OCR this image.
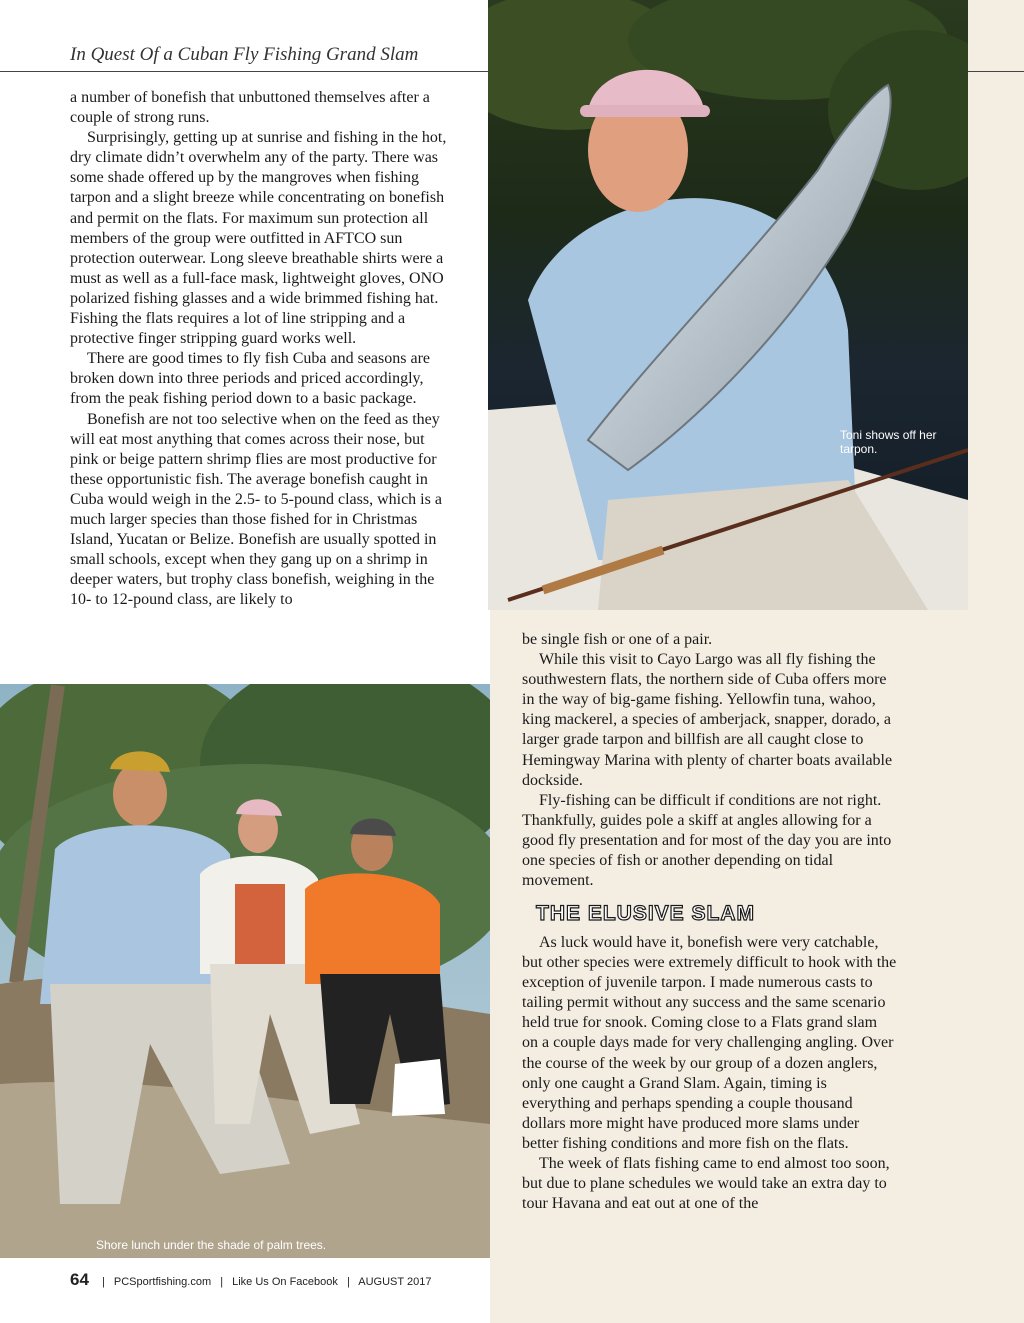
In Quest Of a Cuban Fly Fishing Grand Slam
Toni shows off her tarpon.

a number of bonefish that unbuttoned themselves after a couple of strong runs.

Surprisingly, getting up at sunrise and fishing in the hot, dry climate didn’t overwhelm any of the party. There was some shade offered up by the mangroves when fishing tarpon and a slight breeze while concentrating on bonefish and permit on the flats. For maximum sun protection all members of the group were outfitted in AFTCO sun protection outerwear. Long sleeve breathable shirts were a must as well as a full-face mask, lightweight gloves, ONO polarized fishing glasses and a wide brimmed fishing hat. Fishing the flats requires a lot of line stripping and a protective finger stripping guard works well.

There are good times to fly fish Cuba and seasons are broken down into three periods and priced accordingly, from the peak fishing period down to a basic package.

Bonefish are not too selective when on the feed as they will eat most anything that comes across their nose, but pink or beige pattern shrimp flies are most productive for these opportunistic fish. The average bonefish caught in Cuba would weigh in the 2.5- to 5-pound class, which is a much larger species than those fished for in Christmas Island, Yucatan or Belize. Bonefish are usually spotted in small schools, except when they gang up on a shrimp in deeper waters, but trophy class bonefish, weighing in the 10- to 12-pound class, are likely to

Shore lunch under the shade of palm trees.

be single fish or one of a pair.

While this visit to Cayo Largo was all fly fishing the southwestern flats, the northern side of Cuba offers more in the way of big-game fishing. Yellowfin tuna, wahoo, king mackerel, a species of amberjack, snapper, dorado, a larger grade tarpon and billfish are all caught close to Hemingway Marina with plenty of charter boats available dockside.

Fly-fishing can be difficult if conditions are not right. Thankfully, guides pole a skiff at angles allowing for a good fly presentation and for most of the day you are into one species of fish or another depending on tidal movement.

THE ELUSIVE SLAM

As luck would have it, bonefish were very catchable, but other species were extremely difficult to hook with the exception of juvenile tarpon. I made numerous casts to tailing permit without any success and the same scenario held true for snook. Coming close to a Flats grand slam on a couple days made for very challenging angling. Over the course of the week by our group of a dozen anglers, only one caught a Grand Slam. Again, timing is everything and perhaps spending a couple thousand dollars more might have produced more slams under better fishing conditions and more fish on the flats.

The week of flats fishing came to end almost too soon, but due to plane schedules we would take an extra day to tour Havana and eat out at one of the

64 | PCSportfishing.com | Like Us On Facebook | AUGUST 2017
